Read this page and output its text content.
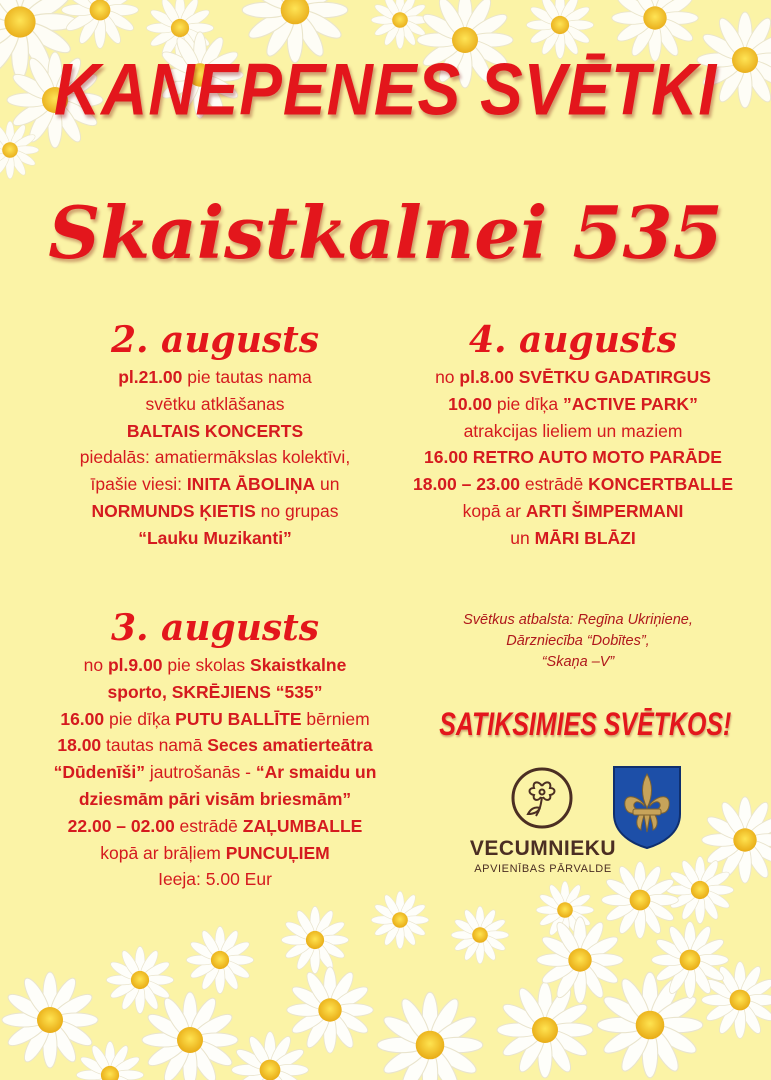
KANEPENES SVĒTKI
Skaistkalnei 535
2. augusts
pl.21.00 pie tautas nama
svētku atklāšanas
BALTAIS KONCERTS
piedalās: amatiermākslas kolektīvi,
īpašie viesi: INITA ĀBOLIŅA un
NORMUNDS ĶIETIS no grupas
“Lauku Muzikanti”
4. augusts
no pl.8.00 SVĒTKU GADATIRGUS
10.00 pie dīķa ”ACTIVE PARK”
atrakcijas lieliem un maziem
16.00 RETRO AUTO MOTO PARĀDE
18.00 – 23.00 estrādē KONCERTBALLE
kopā ar ARTI ŠIMPERMANI
un MĀRI BLĀZI
3. augusts
no pl.9.00 pie skolas Skaistkalne
sporto, SKRĒJIENS “535”
16.00 pie dīķa PUTU BALLĪTE bērniem
18.00 tautas namā Seces amatierteātra
“Dūdenīši” jautrošanās - “Ar smaidu un
dziesmām pāri visām briesmām”
22.00 – 02.00 estrādē ZAĻUMBALLE
kopā ar brāļiem PUNCUĻIEM
Ieeja: 5.00 Eur
Svētkus atbalsta: Regīna Ukriņiene,
Dārzniecība “Dobītes”,
“Skaņa –V”
SATIKSIMIES SVĒTKOS!
VECUMNIEKU
APVIENĪBAS PĀRVALDE
